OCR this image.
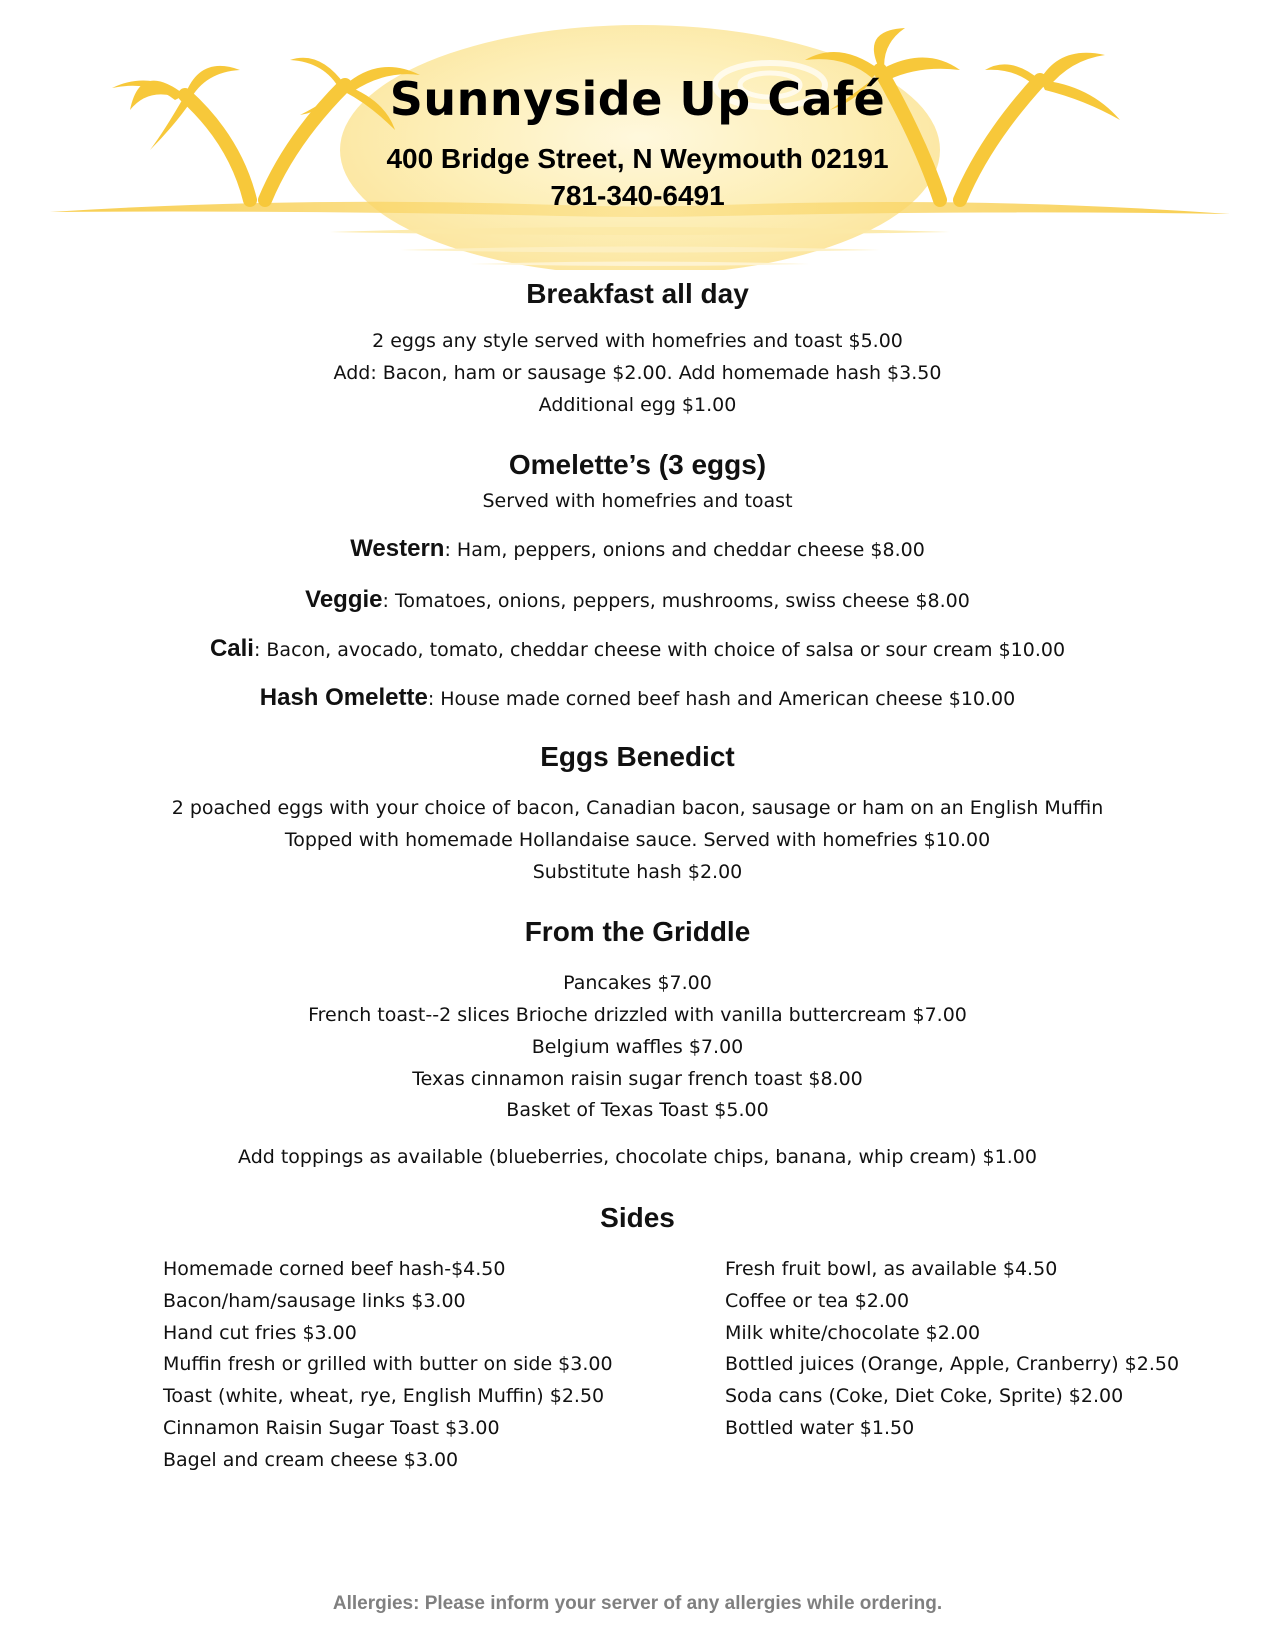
Sunnyside Up Café
400 Bridge Street, N Weymouth 02191
781-340-6491
Breakfast all day
2 eggs any style served with homefries and toast $5.00
Add: Bacon, ham or sausage $2.00. Add homemade hash $3.50
Additional egg $1.00
Omelette’s (3 eggs)
Served with homefries and toast
Western: Ham, peppers, onions and cheddar cheese $8.00
Veggie: Tomatoes, onions, peppers, mushrooms, swiss cheese $8.00
Cali: Bacon, avocado, tomato, cheddar cheese with choice of salsa or sour cream $10.00
Hash Omelette: House made corned beef hash and American cheese $10.00
Eggs Benedict
2 poached eggs with your choice of bacon, Canadian bacon, sausage or ham on an English Muffin
Topped with homemade Hollandaise sauce. Served with homefries $10.00
Substitute hash $2.00
From the Griddle
Pancakes $7.00
French toast--2 slices Brioche drizzled with vanilla buttercream $7.00
Belgium waffles $7.00
Texas cinnamon raisin sugar french toast $8.00
Basket of Texas Toast $5.00
Add toppings as available (blueberries, chocolate chips, banana, whip cream) $1.00
Sides
Homemade corned beef hash-$4.50
Bacon/ham/sausage links $3.00
Hand cut fries $3.00
Muffin fresh or grilled with butter on side $3.00
Toast (white, wheat, rye, English Muffin) $2.50
Cinnamon Raisin Sugar Toast $3.00
Bagel and cream cheese $3.00
Fresh fruit bowl, as available $4.50
Coffee or tea $2.00
Milk white/chocolate $2.00
Bottled juices (Orange, Apple, Cranberry) $2.50
Soda cans (Coke, Diet Coke, Sprite) $2.00
Bottled water $1.50
Allergies: Please inform your server of any allergies while ordering.
